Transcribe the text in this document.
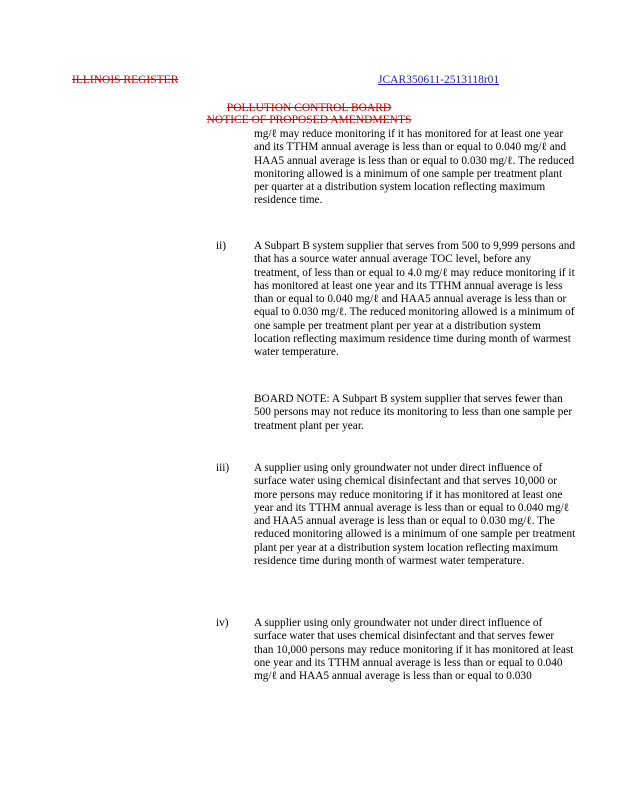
ILLINOIS REGISTER	JCAR350611-2513118r01
POLLUTION CONTROL BOARD
NOTICE OF PROPOSED AMENDMENTS
mg/ℓ may reduce monitoring if it has monitored for at least one year and its TTHM annual average is less than or equal to 0.040 mg/ℓ and HAA5 annual average is less than or equal to 0.030 mg/ℓ. The reduced monitoring allowed is a minimum of one sample per treatment plant per quarter at a distribution system location reflecting maximum residence time.
ii) A Subpart B system supplier that serves from 500 to 9,999 persons and that has a source water annual average TOC level, before any treatment, of less than or equal to 4.0 mg/ℓ may reduce monitoring if it has monitored at least one year and its TTHM annual average is less than or equal to 0.040 mg/ℓ and HAA5 annual average is less than or equal to 0.030 mg/ℓ. The reduced monitoring allowed is a minimum of one sample per treatment plant per year at a distribution system location reflecting maximum residence time during month of warmest water temperature.
BOARD NOTE: A Subpart B system supplier that serves fewer than 500 persons may not reduce its monitoring to less than one sample per treatment plant per year.
iii) A supplier using only groundwater not under direct influence of surface water using chemical disinfectant and that serves 10,000 or more persons may reduce monitoring if it has monitored at least one year and its TTHM annual average is less than or equal to 0.040 mg/ℓ and HAA5 annual average is less than or equal to 0.030 mg/ℓ. The reduced monitoring allowed is a minimum of one sample per treatment plant per year at a distribution system location reflecting maximum residence time during month of warmest water temperature.
iv) A supplier using only groundwater not under direct influence of surface water that uses chemical disinfectant and that serves fewer than 10,000 persons may reduce monitoring if it has monitored at least one year and its TTHM annual average is less than or equal to 0.040 mg/ℓ and HAA5 annual average is less than or equal to 0.030
